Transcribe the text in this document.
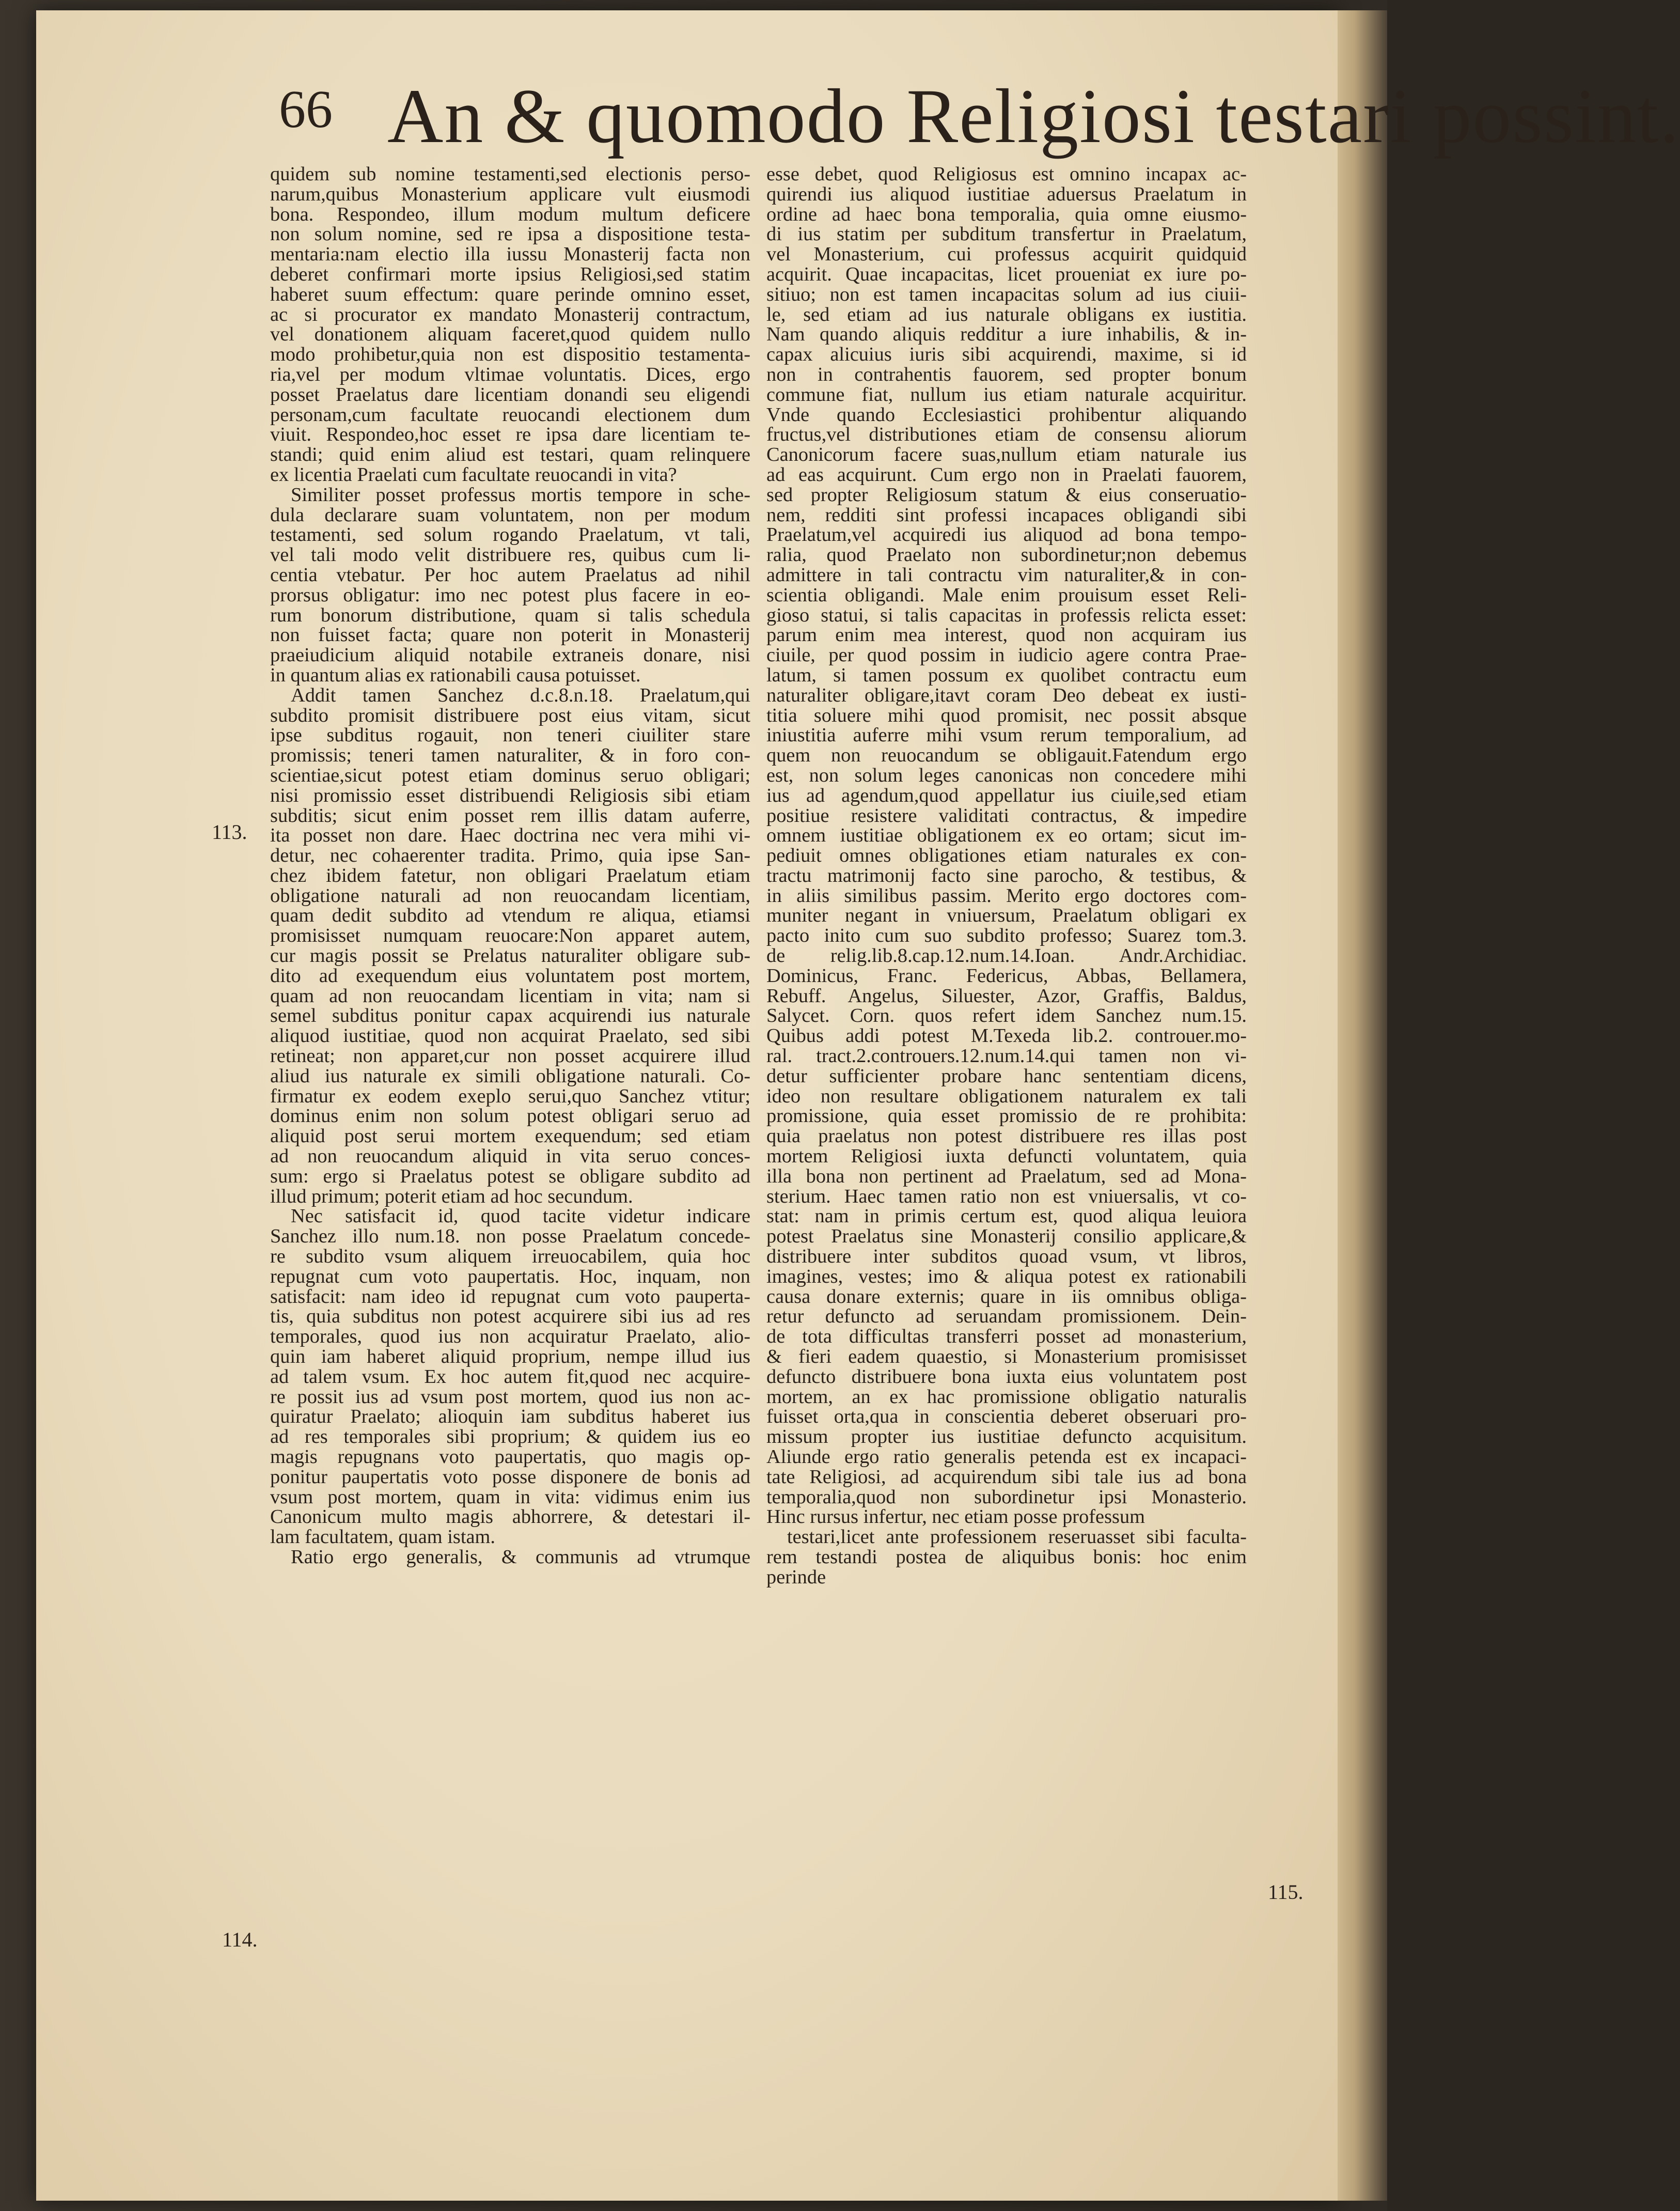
66 An & quomodo Religiosi testari possint.
quidem sub nomine testamenti,sed electionis perso-
narum,quibus Monasterium applicare vult eiusmodi
bona. Respondeo, illum modum multum deficere
non solum nomine, sed re ipsa a dispositione testa-
mentaria:nam electio illa iussu Monasterij facta non
deberet confirmari morte ipsius Religiosi,sed statim
haberet suum effectum: quare perinde omnino esset,
ac si procurator ex mandato Monasterij contractum,
vel donationem aliquam faceret,quod quidem nullo
modo prohibetur,quia non est dispositio testamenta-
ria,vel per modum vltimae voluntatis. Dices, ergo
posset Praelatus dare licentiam donandi seu eligendi
personam,cum facultate reuocandi electionem dum
viuit. Respondeo,hoc esset re ipsa dare licentiam te-
standi; quid enim aliud est testari, quam relinquere
ex licentia Praelati cum facultate reuocandi in vita?
Similiter posset professus mortis tempore in sche-
dula declarare suam voluntatem, non per modum
testamenti, sed solum rogando Praelatum, vt tali,
vel tali modo velit distribuere res, quibus cum li-
centia vtebatur. Per hoc autem Praelatus ad nihil
prorsus obligatur: imo nec potest plus facere in eo-
rum bonorum distributione, quam si talis schedula
non fuisset facta; quare non poterit in Monasterij
praeiudicium aliquid notabile extraneis donare, nisi
in quantum alias ex rationabili causa potuisset.
Addit tamen Sanchez d.c.8.n.18. Praelatum,qui
subdito promisit distribuere post eius vitam, sicut
ipse subditus rogauit, non teneri ciuiliter stare
promissis; teneri tamen naturaliter, & in foro con-
scientiae,sicut potest etiam dominus seruo obligari;
nisi promissio esset distribuendi Religiosis sibi etiam
subditis; sicut enim posset rem illis datam auferre,
ita posset non dare. Haec doctrina nec vera mihi vi-
detur, nec cohaerenter tradita. Primo, quia ipse San-
chez ibidem fatetur, non obligari Praelatum etiam
obligatione naturali ad non reuocandam licentiam,
quam dedit subdito ad vtendum re aliqua, etiamsi
promisisset numquam reuocare:Non apparet autem,
cur magis possit se Prelatus naturaliter obligare sub-
dito ad exequendum eius voluntatem post mortem,
quam ad non reuocandam licentiam in vita; nam si
semel subditus ponitur capax acquirendi ius naturale
aliquod iustitiae, quod non acquirat Praelato, sed sibi
retineat; non apparet,cur non posset acquirere illud
aliud ius naturale ex simili obligatione naturali. Co-
firmatur ex eodem exeplo serui,quo Sanchez vtitur;
dominus enim non solum potest obligari seruo ad
aliquid post serui mortem exequendum; sed etiam
ad non reuocandum aliquid in vita seruo conces-
sum: ergo si Praelatus potest se obligare subdito ad
illud primum; poterit etiam ad hoc secundum.
Nec satisfacit id, quod tacite videtur indicare
Sanchez illo num.18. non posse Praelatum concede-
re subdito vsum aliquem irreuocabilem, quia hoc
repugnat cum voto paupertatis. Hoc, inquam, non
satisfacit: nam ideo id repugnat cum voto pauperta-
tis, quia subditus non potest acquirere sibi ius ad res
temporales, quod ius non acquiratur Praelato, alio-
quin iam haberet aliquid proprium, nempe illud ius
ad talem vsum. Ex hoc autem fit,quod nec acquire-
re possit ius ad vsum post mortem, quod ius non ac-
quiratur Praelato; alioquin iam subditus haberet ius
ad res temporales sibi proprium; & quidem ius eo
magis repugnans voto paupertatis, quo magis op-
ponitur paupertatis voto posse disponere de bonis ad
vsum post mortem, quam in vita: vidimus enim ius
Canonicum multo magis abhorrere, & detestari il-
lam facultatem, quam istam.
Ratio ergo generalis, & communis ad vtrumque
esse debet, quod Religiosus est omnino incapax ac-
quirendi ius aliquod iustitiae aduersus Praelatum in
ordine ad haec bona temporalia, quia omne eiusmo-
di ius statim per subditum transfertur in Praelatum,
vel Monasterium, cui professus acquirit quidquid
acquirit. Quae incapacitas, licet proueniat ex iure po-
sitiuo; non est tamen incapacitas solum ad ius ciuii-
le, sed etiam ad ius naturale obligans ex iustitia.
Nam quando aliquis redditur a iure inhabilis, & in-
capax alicuius iuris sibi acquirendi, maxime, si id
non in contrahentis fauorem, sed propter bonum
commune fiat, nullum ius etiam naturale acquiritur.
Vnde quando Ecclesiastici prohibentur aliquando
fructus,vel distributiones etiam de consensu aliorum
Canonicorum facere suas,nullum etiam naturale ius
ad eas acquirunt. Cum ergo non in Praelati fauorem,
sed propter Religiosum statum & eius conseruatio-
nem, redditi sint professi incapaces obligandi sibi
Praelatum,vel acquiredi ius aliquod ad bona tempo-
ralia, quod Praelato non subordinetur;non debemus
admittere in tali contractu vim naturaliter,& in con-
scientia obligandi. Male enim prouisum esset Reli-
gioso statui, si talis capacitas in professis relicta esset:
parum enim mea interest, quod non acquiram ius
ciuile, per quod possim in iudicio agere contra Prae-
latum, si tamen possum ex quolibet contractu eum
naturaliter obligare,itavt coram Deo debeat ex iusti-
titia soluere mihi quod promisit, nec possit absque
iniustitia auferre mihi vsum rerum temporalium, ad
quem non reuocandum se obligauit.Fatendum ergo
est, non solum leges canonicas non concedere mihi
ius ad agendum,quod appellatur ius ciuile,sed etiam
positiue resistere validitati contractus, & impedire
omnem iustitiae obligationem ex eo ortam; sicut im-
pediuit omnes obligationes etiam naturales ex con-
tractu matrimonij facto sine parocho, & testibus, &
in aliis similibus passim. Merito ergo doctores com-
muniter negant in vniuersum, Praelatum obligari ex
pacto inito cum suo subdito professo; Suarez tom.3.
de relig.lib.8.cap.12.num.14.Ioan. Andr.Archidiac.
Dominicus, Franc. Federicus, Abbas, Bellamera,
Rebuff. Angelus, Siluester, Azor, Graffis, Baldus,
Salycet. Corn. quos refert idem Sanchez num.15.
Quibus addi potest M.Texeda lib.2. controuer.mo-
ral. tract.2.controuers.12.num.14.qui tamen non vi-
detur sufficienter probare hanc sententiam dicens,
ideo non resultare obligationem naturalem ex tali
promissione, quia esset promissio de re prohibita:
quia praelatus non potest distribuere res illas post
mortem Religiosi iuxta defuncti voluntatem, quia
illa bona non pertinent ad Praelatum, sed ad Mona-
sterium. Haec tamen ratio non est vniuersalis, vt co-
stat: nam in primis certum est, quod aliqua leuiora
potest Praelatus sine Monasterij consilio applicare,&
distribuere inter subditos quoad vsum, vt libros,
imagines, vestes; imo & aliqua potest ex rationabili
causa donare externis; quare in iis omnibus obliga-
retur defuncto ad seruandam promissionem. Dein-
de tota difficultas transferri posset ad monasterium,
& fieri eadem quaestio, si Monasterium promisisset
defuncto distribuere bona iuxta eius voluntatem post
mortem, an ex hac promissione obligatio naturalis
fuisset orta,qua in conscientia deberet obseruari pro-
missum propter ius iustitiae defuncto acquisitum.
Aliunde ergo ratio generalis petenda est ex incapaci-
tate Religiosi, ad acquirendum sibi tale ius ad bona
temporalia,quod non subordinetur ipsi Monasterio.
Hinc rursus infertur, nec etiam posse professum
testari,licet ante professionem reseruasset sibi faculta-
rem testandi postea de aliquibus bonis: hoc enim
perinde
113.
114.
115.
